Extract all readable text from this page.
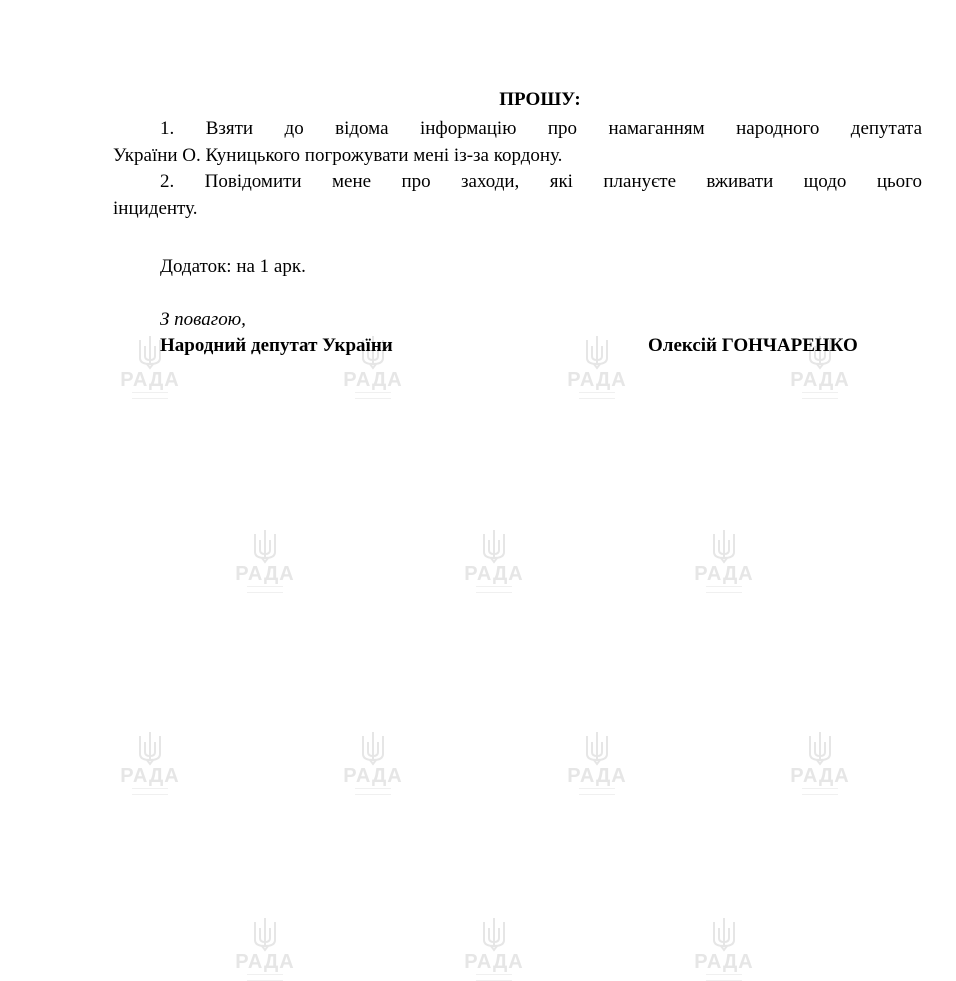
ПРОШУ:

1. Взяти до відома інформацію про намаганням народного депутата

України О. Куницького погрожувати мені із-за кордону.

2. Повідомити мене про заходи, які плануєте вживати щодо цього

інциденту.

Додаток: на 1 арк.
З повагою,
Народний депутат України	Олексій ГОНЧАРЕНКО
РАДА	РАДА	РАДА	РАДА
РАДА	РАДА	РАДА
РАДА	РАДА	РАДА	РАДА
РАДА	РАДА	РАДА
